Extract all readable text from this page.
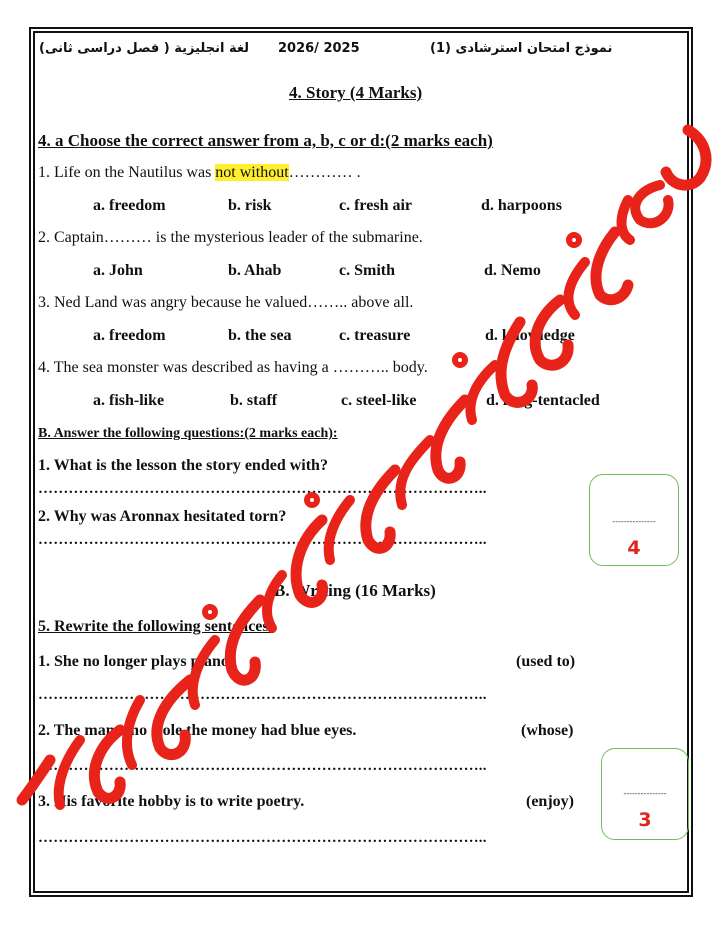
نموذج امتحان استرشادى (1)
2026/ 2025
لغة انجليزية ( فصل دراسى ثانى)
4. Story (4 Marks)
4. a Choose the correct answer from a, b, c or d:(2 marks each)
1. Life on the Nautilus was not without………… .
a. freedom	b. risk	c. fresh air	d. harpoons
2. Captain……… is the mysterious leader of the submarine.
a. John	b. Ahab	c. Smith	d. Nemo
3. Ned Land was angry because he valued…….. above all.
a. freedom	b. the sea	c. treasure	d. knowledge
4. The sea monster was described as having a ……….. body.
a. fish-like	b. staff	c. steel-like	d. long-tentacled
B. Answer the following questions:(2 marks each):
1. What is the lesson the story ended with?
……………………………………………………………………………..
2. Why was Aronnax hesitated torn?
……………………………………………………………………………..
---------------
4
B. Writing (16 Marks)
5. Rewrite the following sentences:
1. She no longer plays piano.	(used to)
……………………………………………………………………………..
2. The man who stole the money had blue eyes.	(whose)
……………………………………………………………………………..
3. His favorite hobby is to write poetry.	(enjoy)
……………………………………………………………………………..
---------------
3
